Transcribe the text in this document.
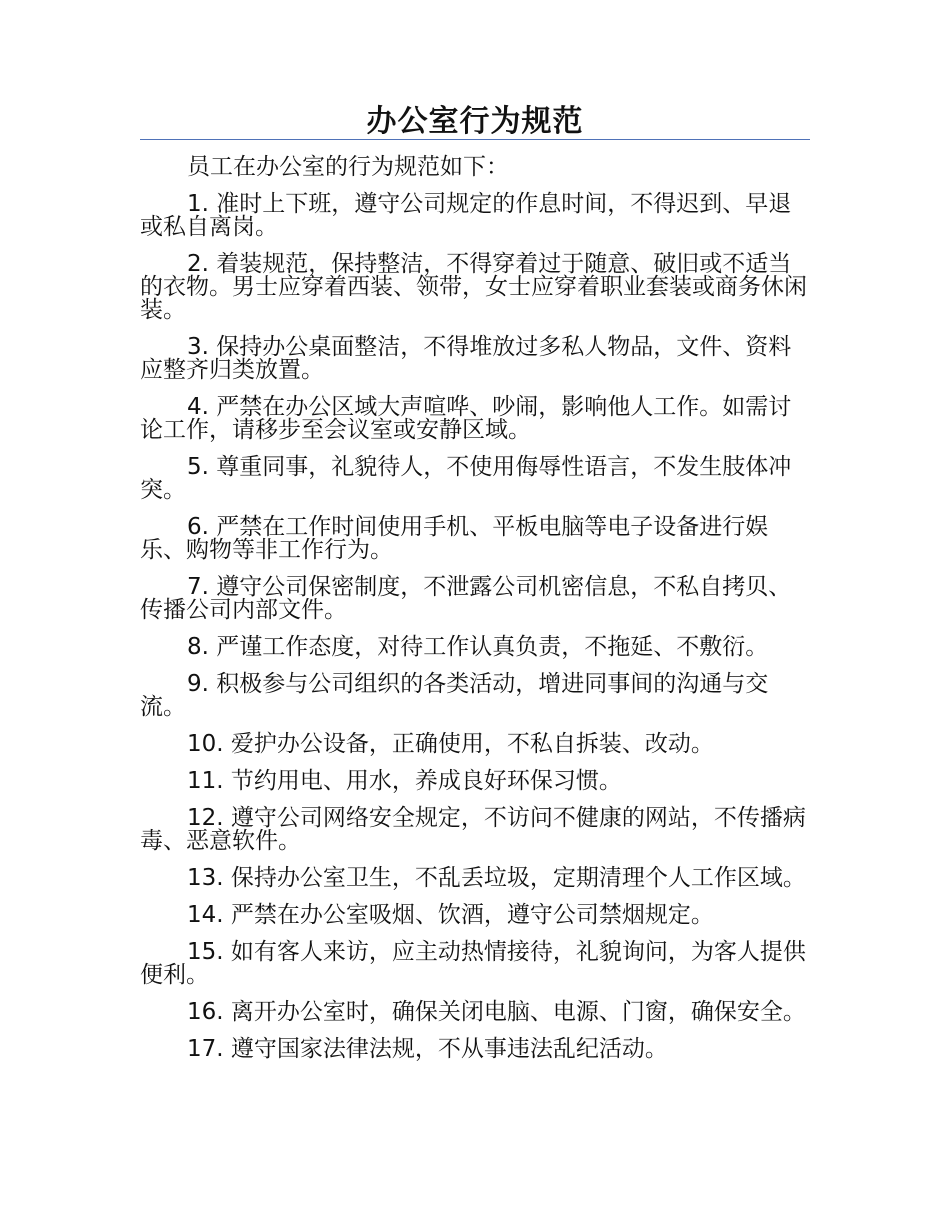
办公室行为规范

员工在办公室的行为规范如下：

1. 准时上下班，遵守公司规定的作息时间，不得迟到、早退或私自离岗。

2. 着装规范，保持整洁，不得穿着过于随意、破旧或不适当的衣物。男士应穿着西装、领带，女士应穿着职业套装或商务休闲装。

3. 保持办公桌面整洁，不得堆放过多私人物品，文件、资料应整齐归类放置。

4. 严禁在办公区域大声喧哗、吵闹，影响他人工作。如需讨论工作，请移步至会议室或安静区域。

5. 尊重同事，礼貌待人，不使用侮辱性语言，不发生肢体冲突。

6. 严禁在工作时间使用手机、平板电脑等电子设备进行娱乐、购物等非工作行为。

7. 遵守公司保密制度，不泄露公司机密信息，不私自拷贝、传播公司内部文件。

8. 严谨工作态度，对待工作认真负责，不拖延、不敷衍。

9. 积极参与公司组织的各类活动，增进同事间的沟通与交流。

10. 爱护办公设备，正确使用，不私自拆装、改动。

11. 节约用电、用水，养成良好环保习惯。

12. 遵守公司网络安全规定，不访问不健康的网站，不传播病毒、恶意软件。

13. 保持办公室卫生，不乱丢垃圾，定期清理个人工作区域。

14. 严禁在办公室吸烟、饮酒，遵守公司禁烟规定。

15. 如有客人来访，应主动热情接待，礼貌询问，为客人提供便利。

16. 离开办公室时，确保关闭电脑、电源、门窗，确保安全。

17. 遵守国家法律法规，不从事违法乱纪活动。
